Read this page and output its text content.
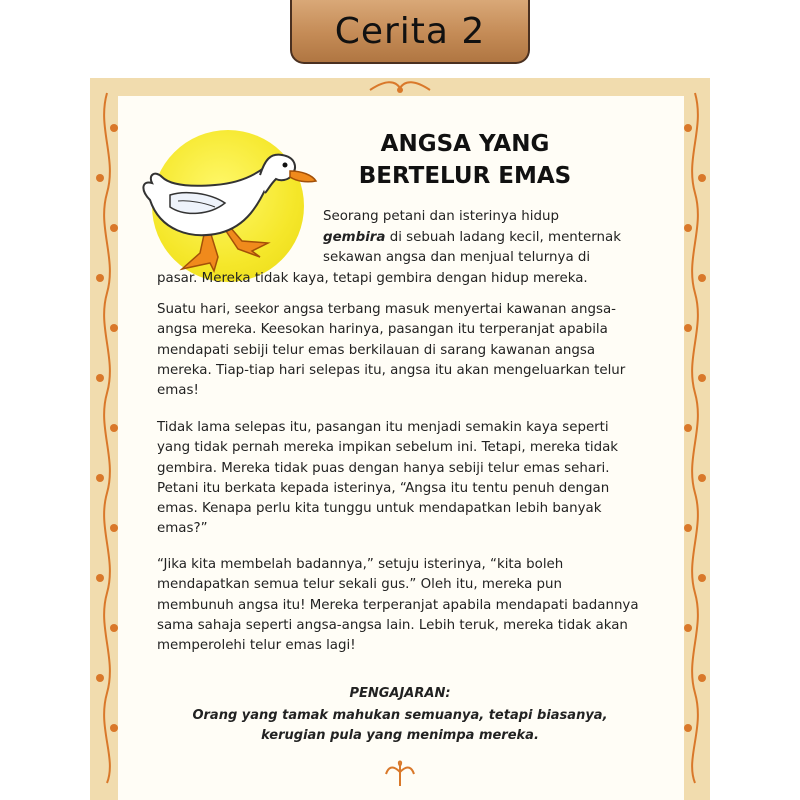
Cerita 2
ANGSA YANG
BERTELUR EMAS

Seorang petani dan isterinya hidup

gembira di sebuah ladang kecil, menternak

sekawan angsa dan menjual telurnya di

pasar. Mereka tidak kaya, tetapi gembira dengan hidup mereka.

Suatu hari, seekor angsa terbang masuk menyertai kawanan angsa-angsa mereka. Keesokan harinya, pasangan itu terperanjat apabila mendapati sebiji telur emas berkilauan di sarang kawanan angsa mereka. Tiap-tiap hari selepas itu, angsa itu akan mengeluarkan telur emas!

Tidak lama selepas itu, pasangan itu menjadi semakin kaya seperti yang tidak pernah mereka impikan sebelum ini. Tetapi, mereka tidak gembira. Mereka tidak puas dengan hanya sebiji telur emas sehari. Petani itu berkata kepada isterinya, “Angsa itu tentu penuh dengan emas. Kenapa perlu kita tunggu untuk mendapatkan lebih banyak emas?”

“Jika kita membelah badannya,” setuju isterinya, “kita boleh mendapatkan semua telur sekali gus.” Oleh itu, mereka pun membunuh angsa itu! Mereka terperanjat apabila mendapati badannya sama sahaja seperti angsa-angsa lain. Lebih teruk, mereka tidak akan memperolehi telur emas lagi!

PENGAJARAN:

Orang yang tamak mahukan semuanya, tetapi biasanya,

kerugian pula yang menimpa mereka.
